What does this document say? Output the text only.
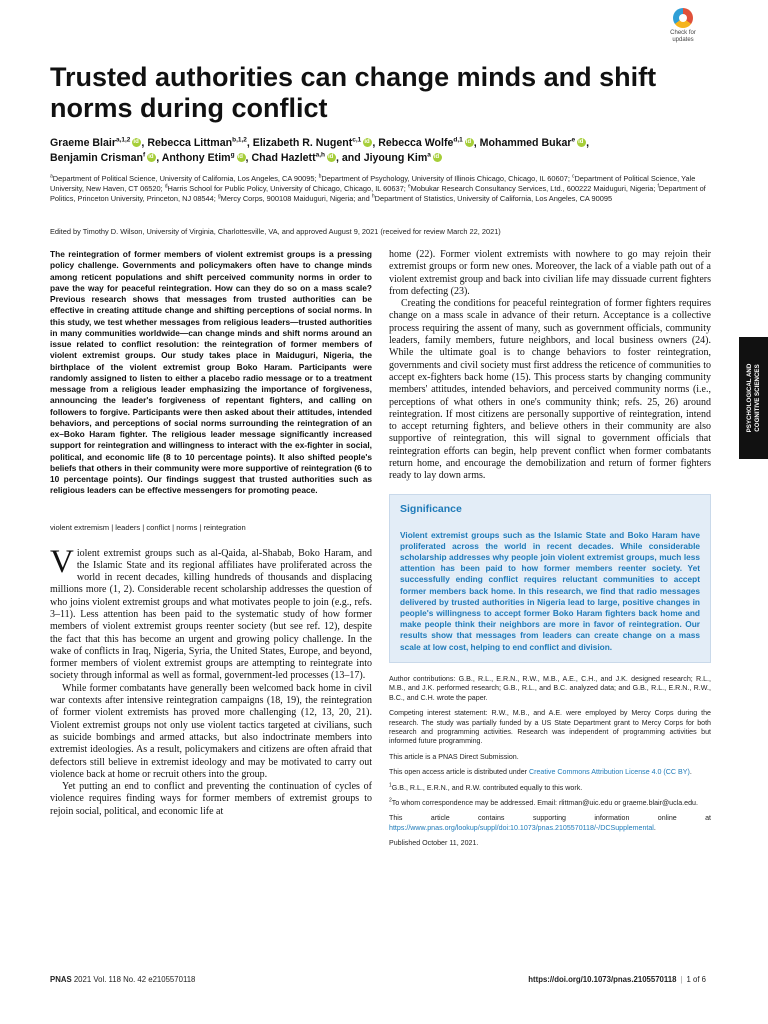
Check for updates
Trusted authorities can change minds and shift norms during conflict
Graeme Blair$^{a,1,2}$ id , Rebecca Littman$^{b,1,2}$, Elizabeth R. Nugent$^{c,1}$ id , Rebecca Wolfe$^{d,1}$ id , Mohammed Bukar$^e$ id ,
Benjamin Crisman$^f$ id , Anthony Etim$^g$ id , Chad Hazlett$^{a,h}$ id , and Jiyoung Kim$^a$id
$^a$Department of Political Science, University of California, Los Angeles, CA 90095; $^b$Department of Psychology, University of Illinois Chicago, Chicago, IL 60607; $^c$Department of Political Science, Yale University, New Haven, CT 06520; $^d$Harris School for Public Policy, University of Chicago, Chicago, IL 60637; $^e$Mobukar Research Consultancy Services, Ltd., 600222 Maiduguri, Nigeria; $^f$Department of Politics, Princeton University, Princeton, NJ 08544; $^g$Mercy Corps, 900108 Maiduguri, Nigeria; and $^h$Department of Statistics, University of California, Los Angeles, CA 90095
Edited by Timothy D. Wilson, University of Virginia, Charlottesville, VA, and approved August 9, 2021 (received for review March 22, 2021)

The reintegration of former members of violent extremist groups is a pressing policy challenge. Governments and policymakers often have to change minds among reticent populations and shift perceived community norms in order to pave the way for peaceful reintegration. How can they do so on a mass scale? Previous research shows that messages from trusted authorities can be effective in creating attitude change and shifting perceptions of social norms. In this study, we test whether messages from religious leaders—trusted authorities in many communities worldwide—can change minds and shift norms around an issue related to conflict resolution: the reintegration of former members of violent extremist groups. Our study takes place in Maiduguri, Nigeria, the birthplace of the violent extremist group Boko Haram. Participants were randomly assigned to listen to either a placebo radio message or to a treatment message from a religious leader emphasizing the importance of forgiveness, announcing the leader's forgiveness of repentant fighters, and calling on followers to forgive. Participants were then asked about their attitudes, intended behaviors, and perceptions of social norms surrounding the reintegration of an ex–Boko Haram fighter. The religious leader message significantly increased support for reintegration and willingness to interact with the ex-fighter in social, political, and economic life (8 to 10 percentage points). It also shifted people's beliefs that others in their community were more supportive of reintegration (6 to 10 percentage points). Our findings suggest that trusted authorities such as religious leaders can be effective messengers for promoting peace.

violent extremism | leaders | conflict | norms | reintegration
V iolent extremist groups such as al-Qaida, al-Shabab, Boko Haram, and the Islamic State and its regional affiliates have proliferated across the world in recent decades, killing hundreds of thousands and displacing millions more (1, 2). Considerable recent scholarship addresses the question of who joins violent extremist groups and what motivates people to join (e.g., refs. 3–11). Less attention has been paid to the systematic study of how former members of violent extremist groups reenter society (but see ref. 12), despite the fact that this has become an urgent and growing policy challenge. In the wake of conflicts in Iraq, Nigeria, Syria, the United States, Europe, and beyond, former members of violent extremist groups are attempting to reintegrate into society through informal as well as formal, government-led processes (13–17).

While former combatants have generally been welcomed back home in civil war contexts after intensive reintegration campaigns (18, 19), the reintegration of former violent extremists has proved more challenging (12, 13, 20, 21). Violent extremist groups not only use violent tactics targeted at civilians, such as suicide bombings and armed attacks, but also indoctrinate members into extremist ideologies. As a result, policymakers and citizens are often afraid that defectors still believe in extremist ideology and may be motivated to carry out violence back at home or recruit others into the group.

Yet putting an end to conflict and preventing the continuation of cycles of violence requires finding ways for former members of extremist groups to rejoin social, political, and economic life at

home (22). Former violent extremists with nowhere to go may rejoin their extremist groups or form new ones. Moreover, the lack of a viable path out of a violent extremist group and back into civilian life may dissuade current fighters from defecting (23).

Creating the conditions for peaceful reintegration of former fighters requires change on a mass scale in advance of their return. Acceptance is a collective process requiring the assent of many, such as government officials, community leaders, family members, future neighbors, and local business owners (24). While the ultimate goal is to change behaviors to foster reintegration, governments and civil society must first address the reticence of communities to accept ex-fighters back home (15). This process starts by changing community members' attitudes, intended behaviors, and perceived community norms (i.e., perceptions of what others in one's community think; refs. 25, 26) around reintegration. If most citizens are personally supportive of reintegration, intend to accept returning fighters, and believe others in their community are also supportive of reintegration, this will signal to government officials that reintegration efforts can begin, help prevent conflict when former combatants return home, and encourage the demobilization and return of former fighters ready to lay down arms.

Significance

Violent extremist groups such as the Islamic State and Boko Haram have proliferated across the world in recent decades. While considerable scholarship addresses why people join violent extremist groups, much less attention has been paid to how former members reenter society. Yet successfully ending conflict requires reluctant communities to accept former members back home. In this research, we find that radio messages delivered by trusted authorities in Nigeria lead to large, positive changes in people's willingness to accept former Boko Haram fighters back home and make people think their neighbors are more in favor of reintegration. Our results show that messages from leaders can create change on a mass scale at low cost, helping to end conflict and division.

Author contributions: G.B., R.L., E.R.N., R.W., M.B., A.E., C.H., and J.K. designed research; R.L., M.B., and J.K. performed research; G.B., R.L., and B.C. analyzed data; and G.B., R.L., E.R.N., R.W., B.C., and C.H. wrote the paper.

Competing interest statement: R.W., M.B., and A.E. were employed by Mercy Corps during the research. The study was partially funded by a US State Department grant to Mercy Corps for both research and programming activities. Research was independent of programming activities but informed future programming.

This article is a PNAS Direct Submission.

This open access article is distributed under Creative Commons Attribution License 4.0 (CC BY).

$^1$G.B., R.L., E.R.N., and R.W. contributed equally to this work.

$^2$To whom correspondence may be addressed. Email: rlittman@uic.edu or graeme.blair@ucla.edu.

This article contains supporting information online at https://www.pnas.org/lookup/suppl/doi:10.1073/pnas.2105570118/-/DCSupplemental.

Published October 11, 2021.

PSYCHOLOGICAL AND COGNITIVE SCIENCES
PNAS 2021 Vol. 118 No. 42 e2105570118	https://doi.org/10.1073/pnas.2105570118 | 1 of 6
